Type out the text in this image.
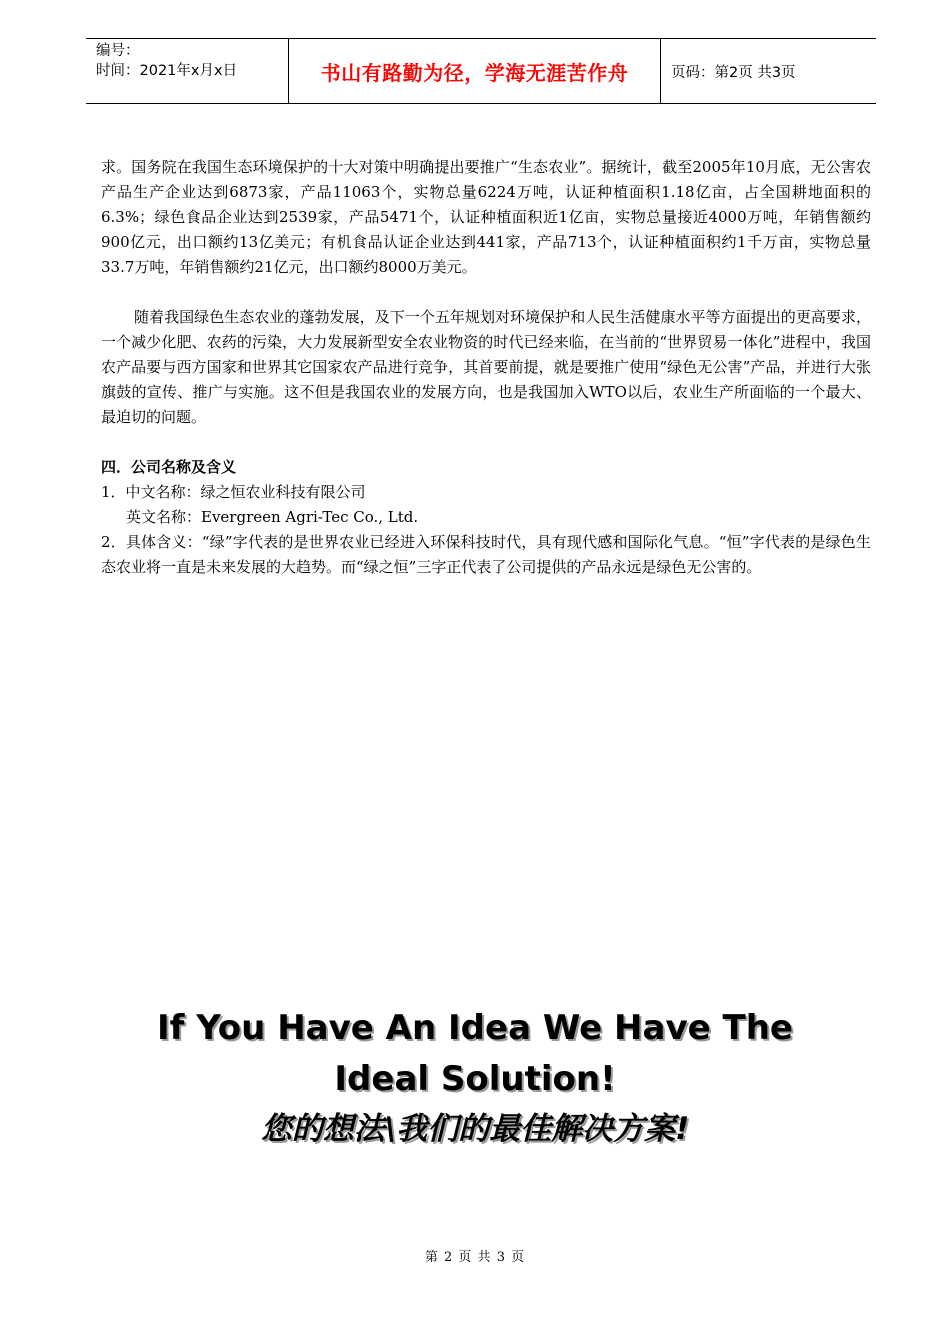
编号：
时间：2021年x月x日	书山有路勤为径，学海无涯苦作舟	页码：第2页 共3页

求。国务院在我国生态环境保护的十大对策中明确提出要推广“生态农业”。据统计，截至2005年10月底，无公害农产品生产企业达到6873家，产品11063个，实物总量6224万吨，认证种植面积1.18亿亩，占全国耕地面积的6.3%；绿色食品企业达到2539家，产品5471个，认证种植面积近1亿亩，实物总量接近4000万吨，年销售额约900亿元，出口额约13亿美元；有机食品认证企业达到441家，产品713个，认证种植面积约1千万亩，实物总量33.7万吨，年销售额约21亿元，出口额约8000万美元。

随着我国绿色生态农业的蓬勃发展，及下一个五年规划对环境保护和人民生活健康水平等方面提出的更高要求，一个减少化肥、农药的污染，大力发展新型安全农业物资的时代已经来临，在当前的“世界贸易一体化”进程中，我国农产品要与西方国家和世界其它国家农产品进行竞争，其首要前提，就是要推广使用“绿色无公害”产品，并进行大张旗鼓的宣传、推广与实施。这不但是我国农业的发展方向，也是我国加入WTO以后，农业生产所面临的一个最大、最迫切的问题。

四．公司名称及含义

1．中文名称：绿之恒农业科技有限公司

英文名称：Evergreen Agri-Tec Co., Ltd.

2．具体含义：“绿”字代表的是世界农业已经进入环保科技时代，具有现代感和国际化气息。“恒”字代表的是绿色生态农业将一直是未来发展的大趋势。而“绿之恒”三字正代表了公司提供的产品永远是绿色无公害的。

If You Have An Idea We Have The
Ideal Solution!
您的想法\我们的最佳解决方案!
第 2 页 共 3 页
